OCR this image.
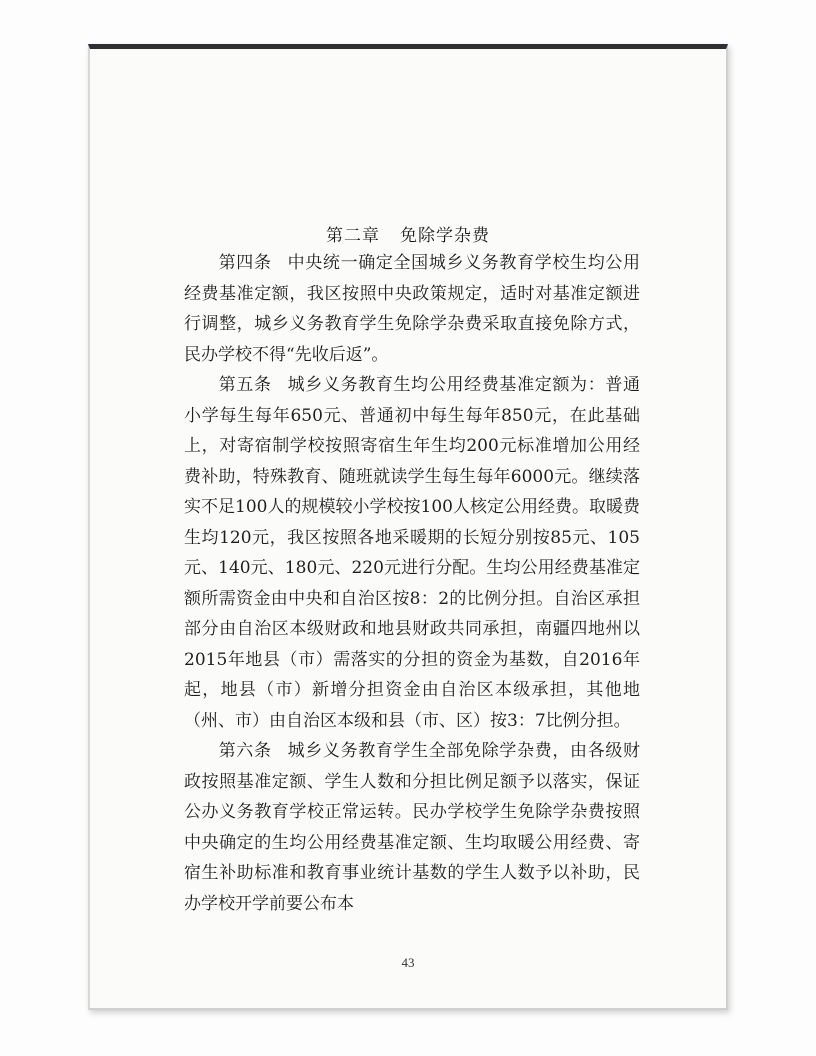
第二章 免除学杂费

第四条 中央统一确定全国城乡义务教育学校生均公用经费基准定额，我区按照中央政策规定，适时对基准定额进行调整，城乡义务教育学生免除学杂费采取直接免除方式，民办学校不得“先收后返”。

第五条 城乡义务教育生均公用经费基准定额为：普通小学每生每年650元、普通初中每生每年850元，在此基础上，对寄宿制学校按照寄宿生年生均200元标准增加公用经费补助，特殊教育、随班就读学生每生每年6000元。继续落实不足100人的规模较小学校按100人核定公用经费。取暖费生均120元，我区按照各地采暖期的长短分别按85元、105元、140元、180元、220元进行分配。生均公用经费基准定额所需资金由中央和自治区按8：2的比例分担。自治区承担部分由自治区本级财政和地县财政共同承担，南疆四地州以2015年地县（市）需落实的分担的资金为基数，自2016年起，地县（市）新增分担资金由自治区本级承担，其他地（州、市）由自治区本级和县（市、区）按3：7比例分担。

第六条 城乡义务教育学生全部免除学杂费，由各级财政按照基准定额、学生人数和分担比例足额予以落实，保证公办义务教育学校正常运转。民办学校学生免除学杂费按照中央确定的生均公用经费基准定额、生均取暖公用经费、寄宿生补助标准和教育事业统计基数的学生人数予以补助，民办学校开学前要公布本

43
